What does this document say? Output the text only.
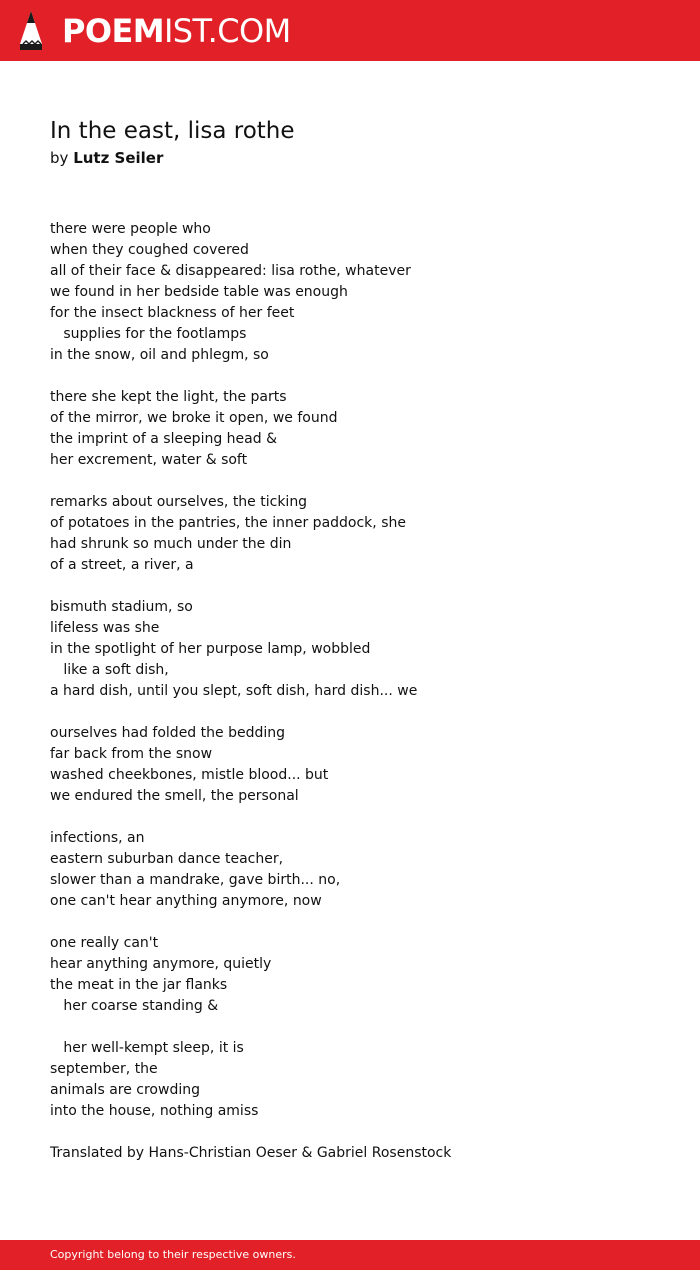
POEMIST.COM
In the east, lisa rothe
by Lutz Seiler
there were people who
when they coughed covered
all of their face & disappeared: lisa rothe, whatever
we found in her bedside table was enough
for the insect blackness of her feet
supplies for the footlamps
in the snow, oil and phlegm, so
there she kept the light, the parts
of the mirror, we broke it open, we found
the imprint of a sleeping head &
her excrement, water & soft
remarks about ourselves, the ticking
of potatoes in the pantries, the inner paddock, she
had shrunk so much under the din
of a street, a river, a
bismuth stadium, so
lifeless was she
in the spotlight of her purpose lamp, wobbled
like a soft dish,
a hard dish, until you slept, soft dish, hard dish... we
ourselves had folded the bedding
far back from the snow
washed cheekbones, mistle blood... but
we endured the smell, the personal
infections, an
eastern suburban dance teacher,
slower than a mandrake, gave birth... no,
one can't hear anything anymore, now
one really can't
hear anything anymore, quietly
the meat in the jar flanks
her coarse standing &
her well-kempt sleep, it is
september, the
animals are crowding
into the house, nothing amiss
Translated by Hans-Christian Oeser & Gabriel Rosenstock
Copyright belong to their respective owners.
